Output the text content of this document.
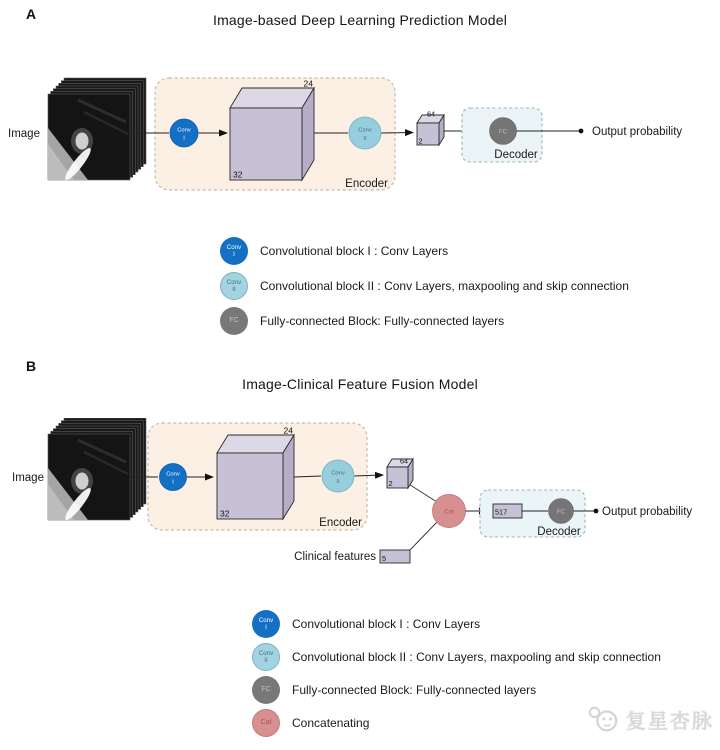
A	Image-based Deep Learning Prediction Model
Image
Encoder
Conv
I
24
32
Conv
II
64
2
FC
Decoder
Output probability
Conv
I Convolutional block I : Conv Layers
Conv
II Convolutional block II : Conv Layers, maxpooling and skip connection
FC Fully-connected Block: Fully-connected layers
B
Image-Clinical Feature Fusion Model
Image
Encoder
Conv
I
24
32
Conv
II
64
2
Clinical features 5
Cat	517	FC
Decoder
Output probability
Conv
I Convolutional block I : Conv Layers
Conv
II Convolutional block II : Conv Layers, maxpooling and skip connection
FC Fully-connected Block: Fully-connected layers
Cat Concatenating	复星杏脉
